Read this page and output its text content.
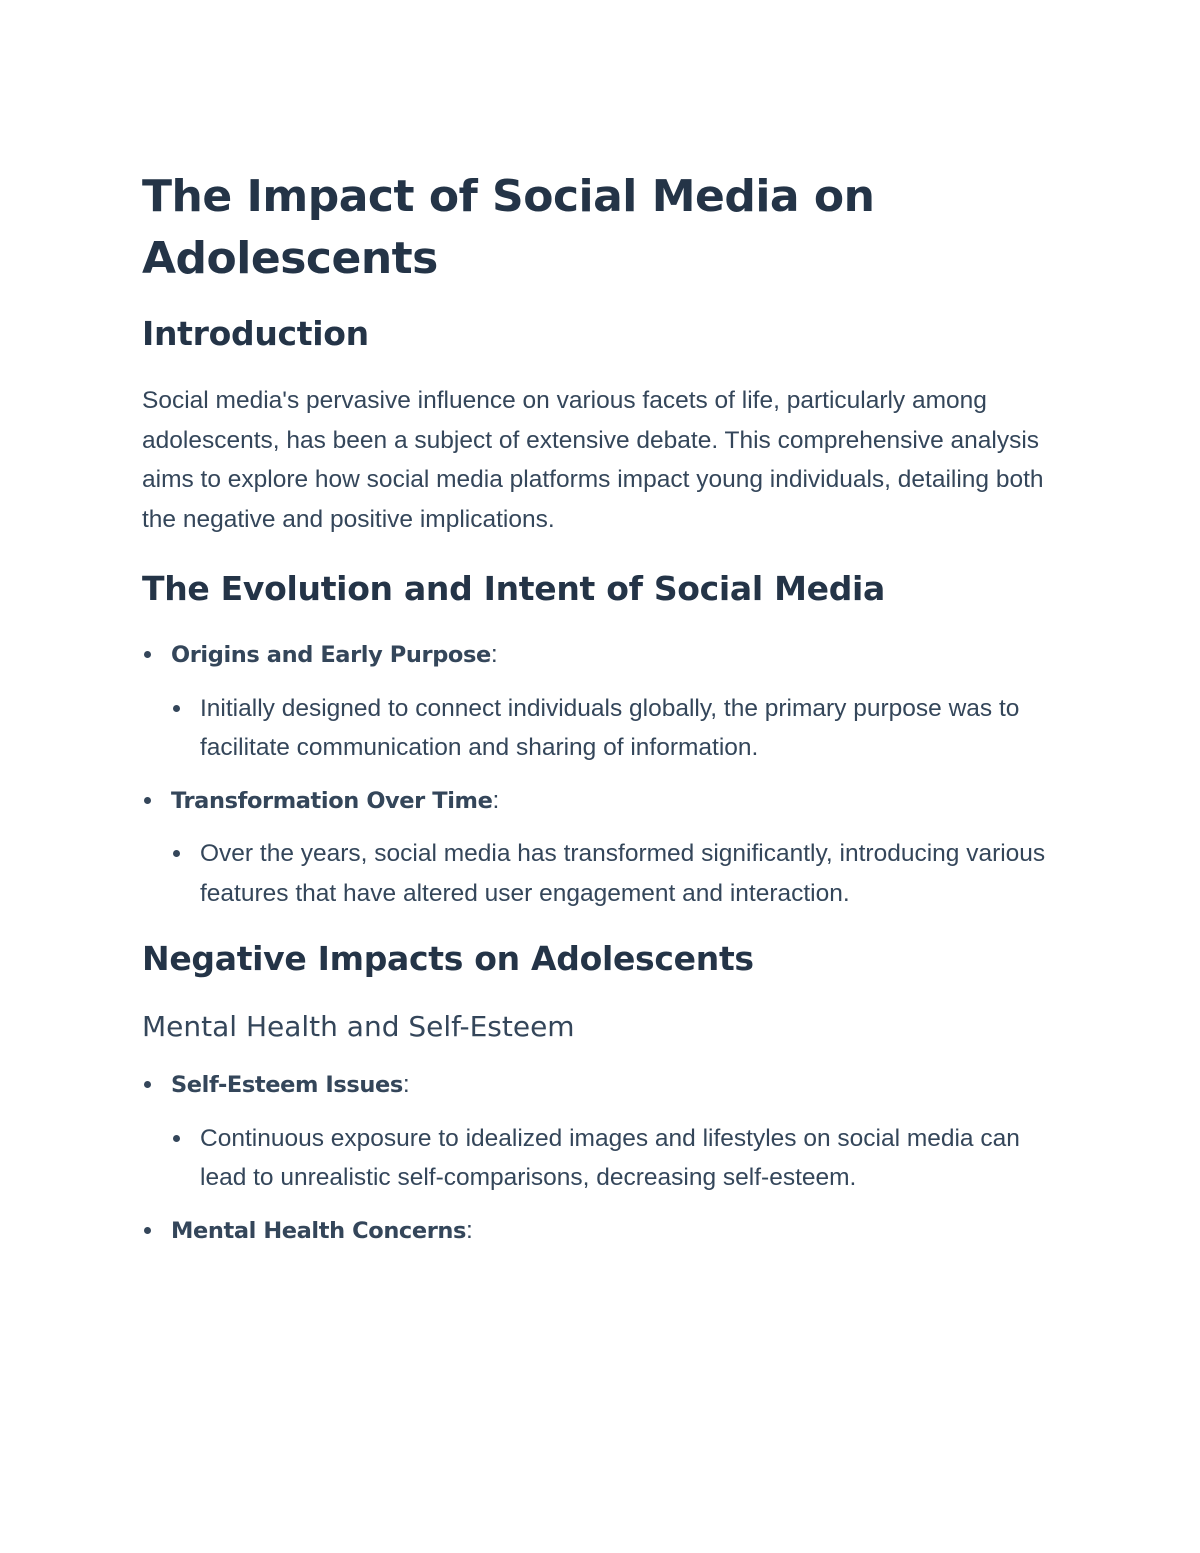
The Impact of Social Media on Adolescents
Introduction

Social media's pervasive influence on various facets of life, particularly among adolescents, has been a subject of extensive debate. This comprehensive analysis aims to explore how social media platforms impact young individuals, detailing both the negative and positive implications.

The Evolution and Intent of Social Media
Origins and Early Purpose:
Initially designed to connect individuals globally, the primary purpose was to facilitate communication and sharing of information.
Transformation Over Time:
Over the years, social media has transformed significantly, introducing various features that have altered user engagement and interaction.
Negative Impacts on Adolescents
Mental Health and Self-Esteem
Self-Esteem Issues:
Continuous exposure to idealized images and lifestyles on social media can lead to unrealistic self-comparisons, decreasing self-esteem.
Mental Health Concerns:
